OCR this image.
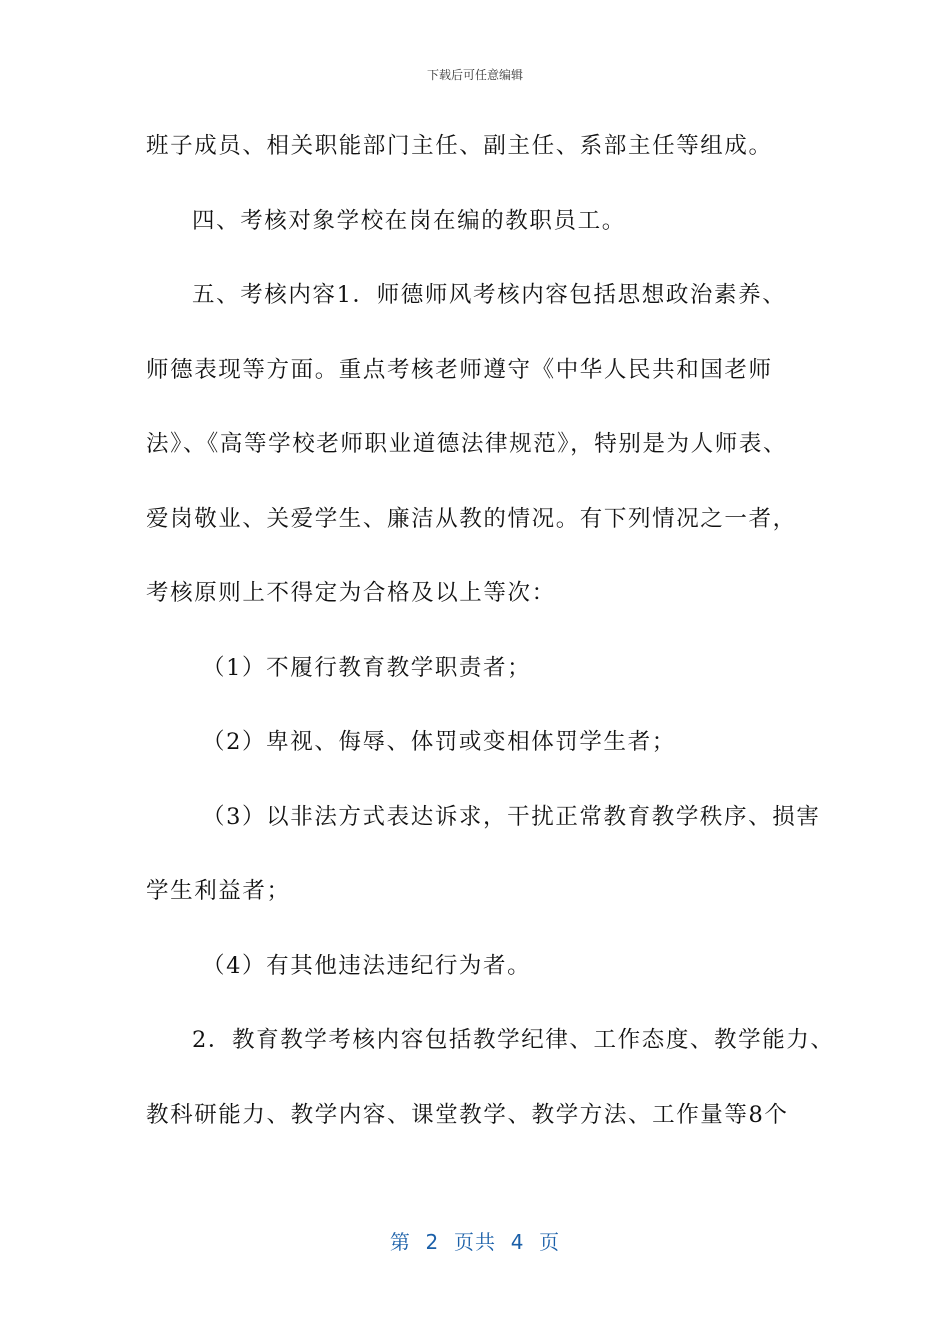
下载后可任意编辑
班子成员、相关职能部门主任、副主任、系部主任等组成。
四、考核对象学校在岗在编的教职员工。
五、考核内容1．师德师风考核内容包括思想政治素养、
师德表现等方面。重点考核老师遵守《中华人民共和国老师
法》、《高等学校老师职业道德法律规范》，特别是为人师表、
爱岗敬业、关爱学生、廉洁从教的情况。有下列情况之一者，
考核原则上不得定为合格及以上等次：
（1）不履行教育教学职责者；
（2）卑视、侮辱、体罚或变相体罚学生者；
（3）以非法方式表达诉求，干扰正常教育教学秩序、损害
学生利益者；
（4）有其他违法违纪行为者。
2．教育教学考核内容包括教学纪律、工作态度、教学能力、
教科研能力、教学内容、课堂教学、教学方法、工作量等8个
第  2  页共  4  页
